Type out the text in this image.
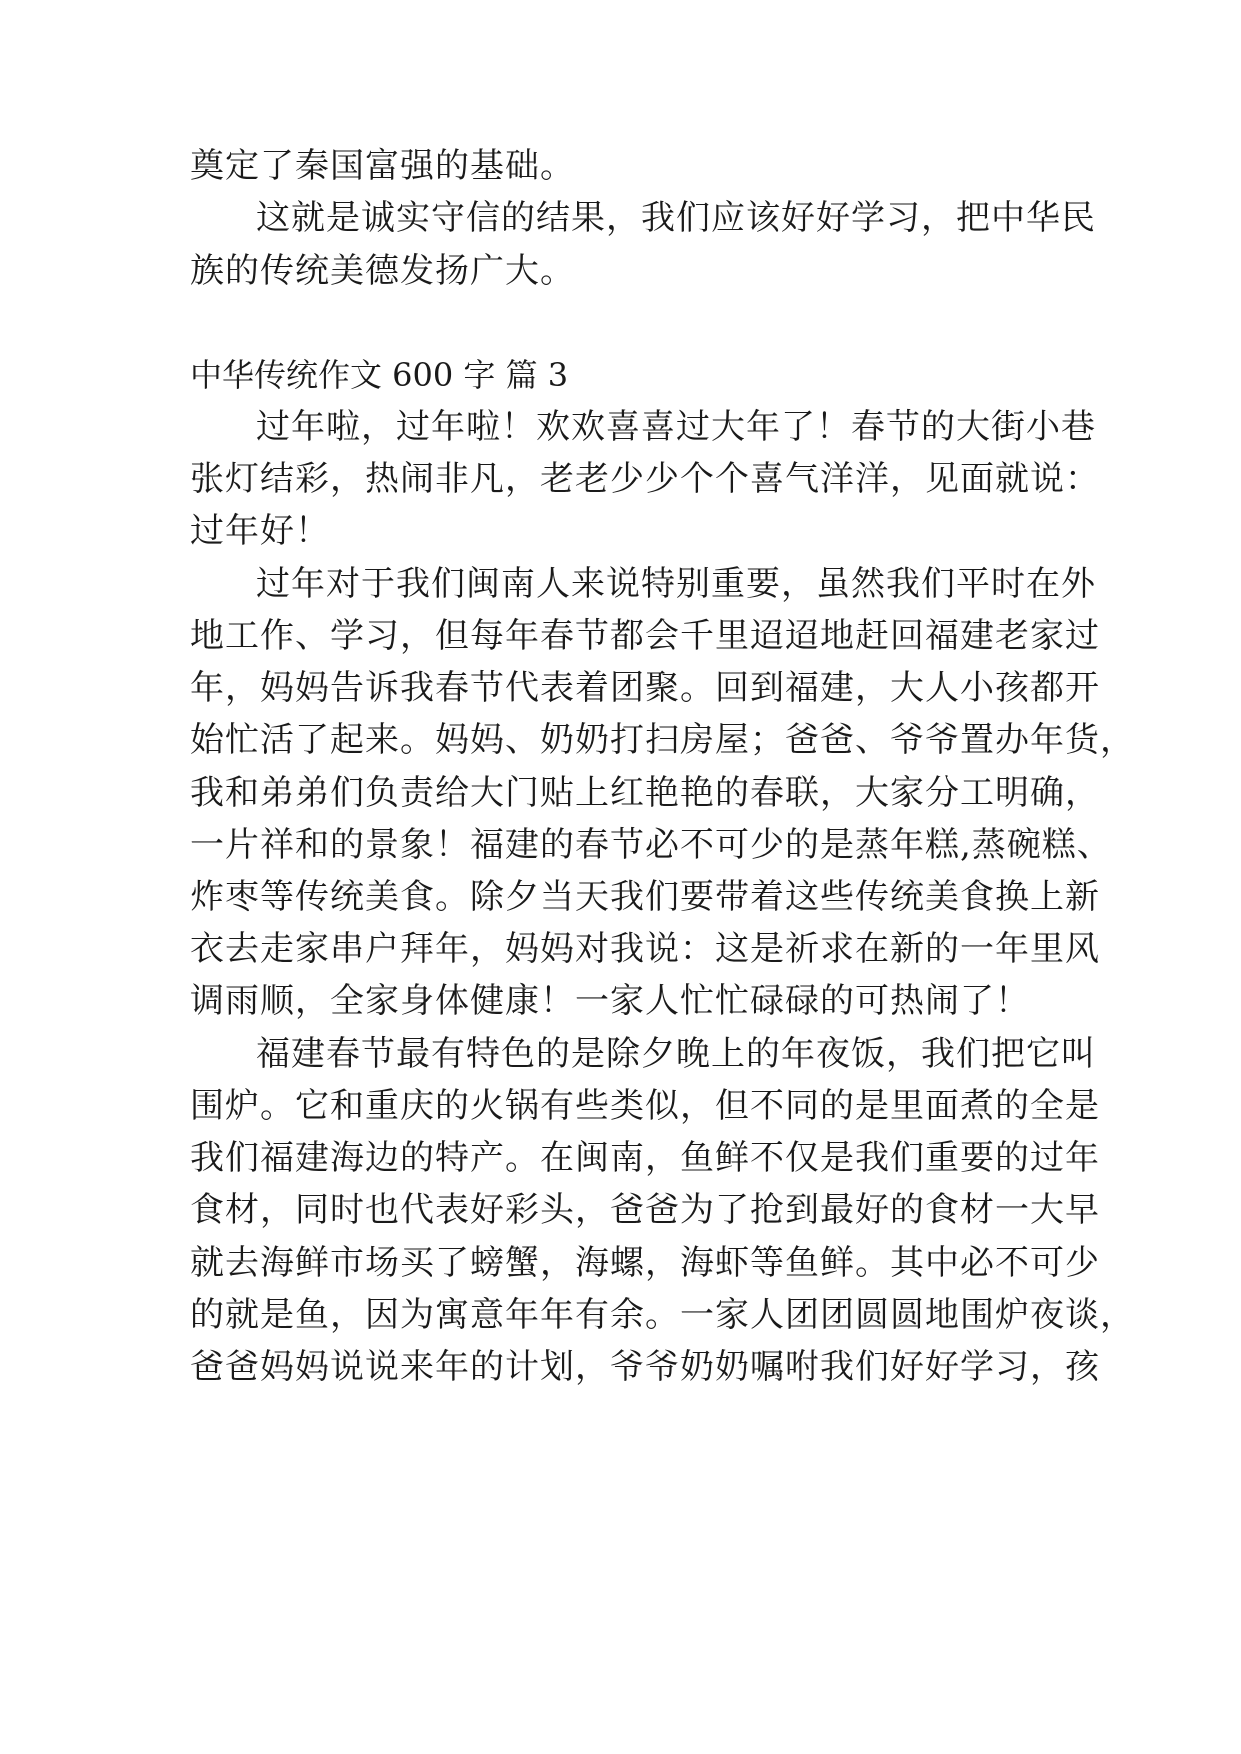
奠定了秦国富强的基础。
这就是诚实守信的结果，我们应该好好学习，把中华民
族的传统美德发扬广大。
中华传统作文 600 字 篇 3
过年啦，过年啦！欢欢喜喜过大年了！春节的大街小巷
张灯结彩，热闹非凡，老老少少个个喜气洋洋，见面就说：
过年好！
过年对于我们闽南人来说特别重要，虽然我们平时在外
地工作、学习，但每年春节都会千里迢迢地赶回福建老家过
年，妈妈告诉我春节代表着团聚。回到福建，大人小孩都开
始忙活了起来。妈妈、奶奶打扫房屋；爸爸、爷爷置办年货，
我和弟弟们负责给大门贴上红艳艳的春联，大家分工明确，
一片祥和的景象！福建的春节必不可少的是蒸年糕,蒸碗糕、
炸枣等传统美食。除夕当天我们要带着这些传统美食换上新
衣去走家串户拜年，妈妈对我说：这是祈求在新的一年里风
调雨顺，全家身体健康！一家人忙忙碌碌的可热闹了！
福建春节最有特色的是除夕晚上的年夜饭，我们把它叫
围炉。它和重庆的火锅有些类似，但不同的是里面煮的全是
我们福建海边的特产。在闽南，鱼鲜不仅是我们重要的过年
食材，同时也代表好彩头，爸爸为了抢到最好的食材一大早
就去海鲜市场买了螃蟹，海螺，海虾等鱼鲜。其中必不可少
的就是鱼，因为寓意年年有余。一家人团团圆圆地围炉夜谈，
爸爸妈妈说说来年的计划，爷爷奶奶嘱咐我们好好学习，孩
